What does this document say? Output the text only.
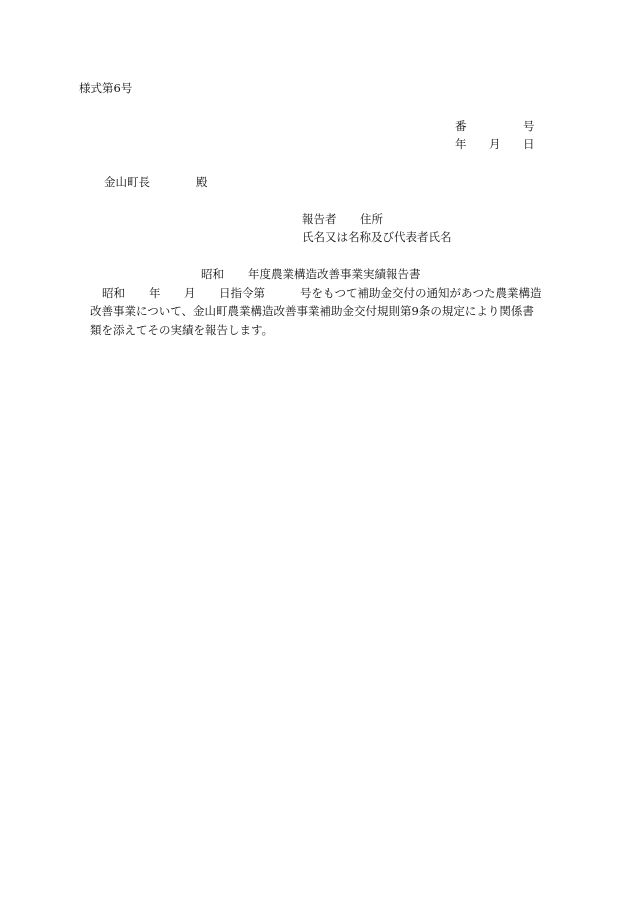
様式第6号
番	号
年 月 日
金山町長	殿
報告者 住所
氏名又は名称及び代表者氏名
昭和 年度農業構造改善事業実績報告書
昭和 年 月 日指令第	号をもつて補助金交付の通知があつた農業構造
改善事業について、金山町農業構造改善事業補助金交付規則第9条の規定により関係書
類を添えてその実績を報告します。
